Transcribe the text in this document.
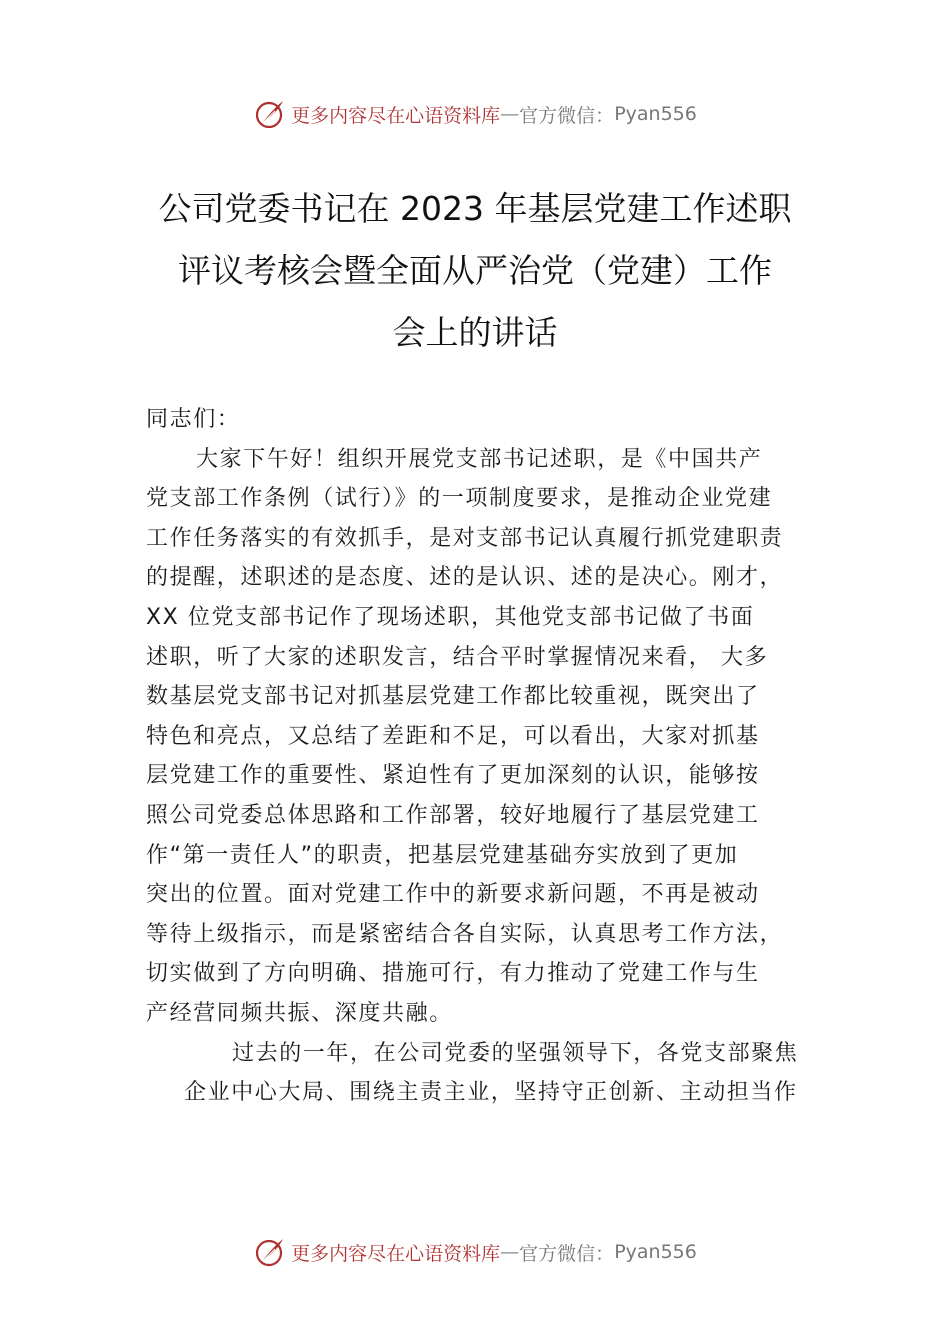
更多内容尽在心语资料库 — 官方微信： Pyan556
公司党委书记在 2023 年基层党建工作述职
评议考核会暨全面从严治党（党建）工作
会上的讲话
同志们：
大家下午好！组织开展党支部书记述职，是《中国共产
党支部工作条例（试行）》的一项制度要求，是推动企业党建
工作任务落实的有效抓手，是对支部书记认真履行抓党建职责
的提醒，述职述的是态度、述的是认识、述的是决心。刚才，
XX 位党支部书记作了现场述职，其他党支部书记做了书面
述职，听了大家的述职发言，结合平时掌握情况来看， 大多
数基层党支部书记对抓基层党建工作都比较重视，既突出了
特色和亮点，又总结了差距和不足，可以看出，大家对抓基
层党建工作的重要性、紧迫性有了更加深刻的认识，能够按
照公司党委总体思路和工作部署，较好地履行了基层党建工
作“第一责任人”的职责，把基层党建基础夯实放到了更加
突出的位置。面对党建工作中的新要求新问题，不再是被动
等待上级指示，而是紧密结合各自实际，认真思考工作方法，
切实做到了方向明确、措施可行，有力推动了党建工作与生
产经营同频共振、深度共融。
过去的一年，在公司党委的坚强领导下，各党支部聚焦
企业中心大局、围绕主责主业，坚持守正创新、主动担当作
更多内容尽在心语资料库 — 官方微信： Pyan556
